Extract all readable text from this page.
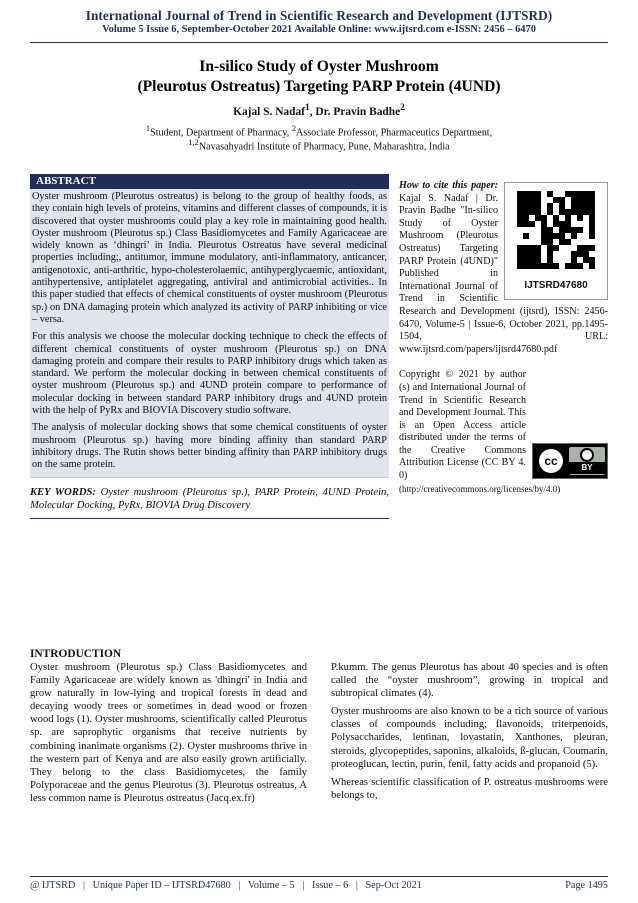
International Journal of Trend in Scientific Research and Development (IJTSRD)
Volume 5 Issue 6, September-October 2021 Available Online: www.ijtsrd.com e-ISSN: 2456 – 6470
In-silico Study of Oyster Mushroom
(Pleurotus Ostreatus) Targeting PARP Protein (4UND)
Kajal S. Nadaf$^1$, Dr. Pravin Badhe$^2$
$^1$Student, Department of Pharmacy, $^2$Associate Professor, Pharmaceutics Department,
$^{1,2}$Navasahyadri Institute of Pharmacy, Pune, Maharashtra, India
ABSTRACT

Oyster mushroom (Pleurotus ostreatus) is belong to the group of healthy foods, as they contain high levels of proteins, vitamins and different classes of compounds, it is discovered that oyster mushrooms could play a key role in maintaining good health. Oyster mushroom (Pleurotus sp.) Class Basidiomycetes and Family Agaricaceae are widely known as ‘dhingri’ in India. Pleurotus Ostreatus have several medicinal properties including;, antitumor, immune modulatory, anti-inflammatory, anticancer, antigenotoxic, anti-arthritic, hypo-cholesterolaemic, antihyperglycaemic, antioxidant, antihypertensive, antiplatelet aggregating, antiviral and antimicrobial activities.. In this paper studied that effects of chemical constituents of oyster mushroom (Pleurotus sp.) on DNA damaging protein which analyzed its activity of PARP inhibiting or vice – versa.

For this analysis we choose the molecular docking technique to check the effects of different chemical constituents of oyster mushroom (Pleurotus sp.) on DNA damaging protein and compare their results to PARP inhibitory drugs which taken as standard. We perform the molecular docking in between chemical constituents of oyster mushroom (Pleurotus sp.) and 4UND protein compare to performance of molecular docking in between standard PARP inhibitory drugs and 4UND protein with the help of PyRx and BIOVIA Discovery studio software.

The analysis of molecular docking shows that some chemical constituents of oyster mushroom (Pleurotus sp.) having more binding affinity than standard PARP inhibitory drugs. The Rutin shows better binding affinity than PARP inhibitory drugs on the same protein.

KEY WORDS: Oyster mushroom (Pleurotus sp.), PARP Protein, 4UND Protein, Molecular Docking, PyRx, BIOVIA Drug Discovery
IJTSRD47680
How to cite this paper: Kajal S. Nadaf | Dr. Pravin Badhe "In-silico Study of Oyster Mushroom (Pleurotus Ostreatus) Targeting PARP Protein (4UND)" Published in International Journal of Trend in Scientific Research and Development (ijtsrd), ISSN: 2456-6470, Volume-5 | Issue-6, October 2021, pp.1495-1504, URL: www.ijtsrd.com/papers/ijtsrd47680.pdf
cc	BY
Copyright © 2021 by author (s) and International Journal of Trend in Scientific Research and Development Journal. This is an Open Access article distributed under the terms of the Creative Commons Attribution License (CC BY 4. 0)
(http://creativecommons.org/licenses/by/4.0)
INTRODUCTION
Oyster mushroom (Pleurotus sp.) Class Basidiomycetes and Family Agaricaceae are widely known as 'dhingri' in India and grow naturally in low-lying and tropical forests in dead and decaying woody trees or sometimes in dead wood or frozen wood logs (1). Oyster mushrooms, scientifically called Pleurotus sp. are saprophytic organisms that receive nutrients by combining inanimate organisms (2). Oyster mushrooms thrive in the western part of Kenya and are also easily grown artificially. They belong to the class Basidiomycetes, the family Polyporaceae and the genus Pleurotus (3). Pleurotus ostreatus, A less common name is Pleurotus ostreatus (Jacq.ex.fr)

P.kumm. The genus Pleurotus has about 40 species and is often called the “oyster mushroom”, growing in tropical and subtropical climates (4).

Oyster mushrooms are also known to be a rich source of various classes of compounds including; flavonoids, triterpenoids, Polysaccharides, lentinan, lovastatin, Xanthones, pleuran, steroids, glycopeptides, saponins, alkaloids, ß-glucan, Coumarin, proteoglucan, lectin, purin, fenil, fatty acids and propanoid (5).

Whereas scientific classification of P. ostreatus mushrooms were belongs to,

@ IJTSRD   |   Unique Paper ID – IJTSRD47680   |   Volume – 5   |   Issue – 6   |   Sep-Oct 2021	Page 1495
